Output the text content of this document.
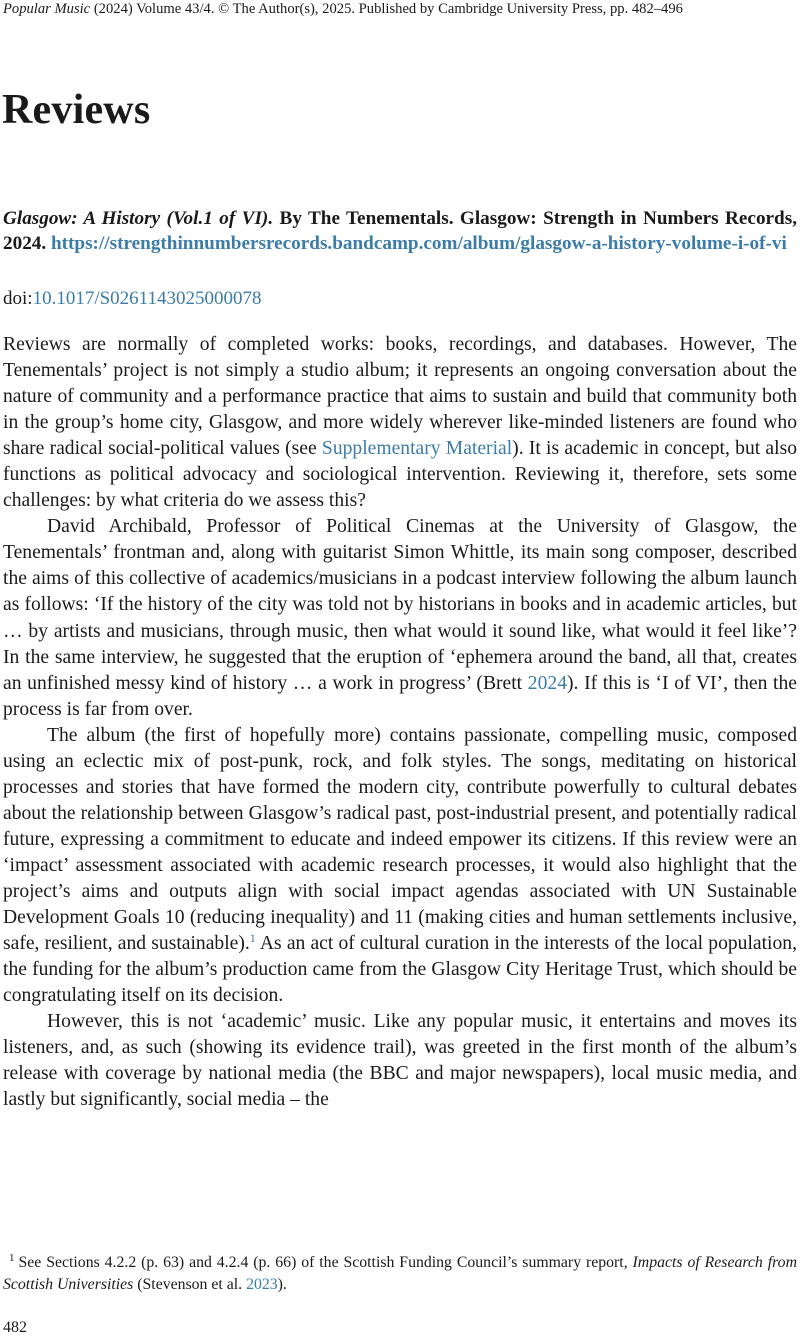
Popular Music (2024) Volume 43/4. © The Author(s), 2025. Published by Cambridge University Press, pp. 482–496
Reviews

Glasgow: A History (Vol.1 of VI). By The Tenementals. Glasgow: Strength in Numbers Records, 2024. https://strengthinnumbersrecords.bandcamp.com/album/glasgow-a-history-volume-i-of-vi

doi:10.1017/S0261143025000078

Reviews are normally of completed works: books, recordings, and databases. However, The Tenementals’ project is not simply a studio album; it represents an ongoing conversation about the nature of community and a performance practice that aims to sustain and build that community both in the group’s home city, Glasgow, and more widely wherever like-minded listeners are found who share radical social-political values (see Supplementary Material). It is academic in concept, but also functions as political advocacy and sociological intervention. Reviewing it, therefore, sets some challenges: by what criteria do we assess this?

David Archibald, Professor of Political Cinemas at the University of Glasgow, the Tenementals’ frontman and, along with guitarist Simon Whittle, its main song composer, described the aims of this collective of academics/musicians in a podcast interview following the album launch as follows: ‘If the history of the city was told not by historians in books and in academic articles, but … by artists and musicians, through music, then what would it sound like, what would it feel like’? In the same interview, he suggested that the eruption of ‘ephemera around the band, all that, creates an unfinished messy kind of history … a work in progress’ (Brett 2024). If this is ‘I of VI’, then the process is far from over.

The album (the first of hopefully more) contains passionate, compelling music, composed using an eclectic mix of post-punk, rock, and folk styles. The songs, meditating on historical processes and stories that have formed the modern city, contribute powerfully to cultural debates about the relationship between Glasgow’s radical past, post-industrial present, and potentially radical future, expressing a commitment to educate and indeed empower its citizens. If this review were an ‘impact’ assessment associated with academic research processes, it would also highlight that the project’s aims and outputs align with social impact agendas associated with UN Sustainable Development Goals 10 (reducing inequality) and 11 (making cities and human settlements inclusive, safe, resilient, and sustainable).$^1$ As an act of cultural curation in the interests of the local population, the funding for the album’s production came from the Glasgow City Heritage Trust, which should be congratulating itself on its decision.

However, this is not ‘academic’ music. Like any popular music, it entertains and moves its listeners, and, as such (showing its evidence trail), was greeted in the first month of the album’s release with coverage by national media (the BBC and major newspapers), local music media, and lastly but significantly, social media – the

$^1$ See Sections 4.2.2 (p. 63) and 4.2.4 (p. 66) of the Scottish Funding Council’s summary report, Impacts of Research from Scottish Universities (Stevenson et al. 2023).

482
